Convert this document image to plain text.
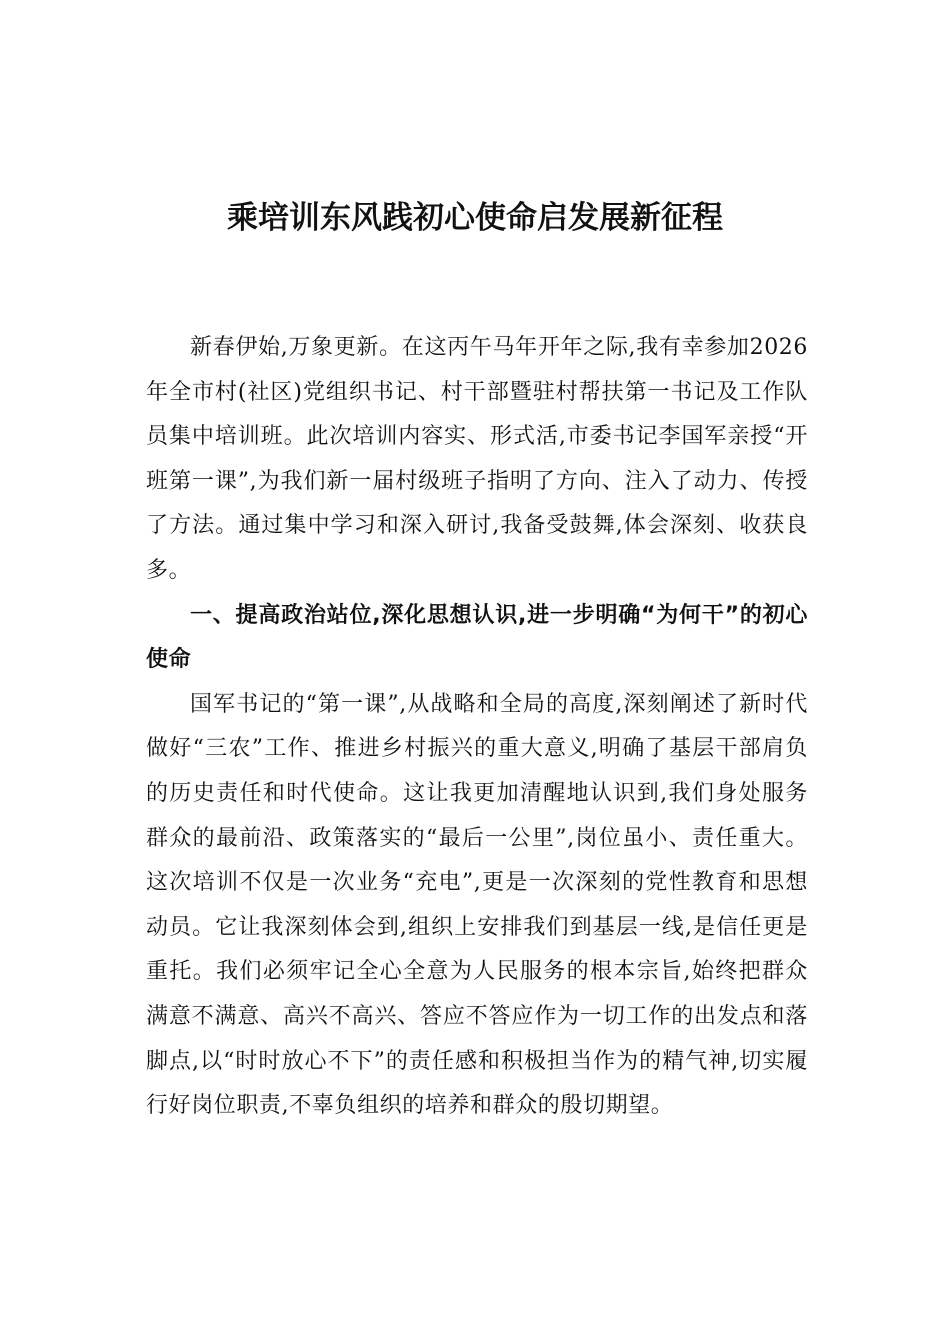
乘培训东风践初心使命启发展新征程

新春伊始,万象更新。在这丙午马年开年之际,我有幸参加2026年全市村(社区)党组织书记、村干部暨驻村帮扶第一书记及工作队员集中培训班。此次培训内容实、形式活,市委书记李国军亲授“开班第一课”,为我们新一届村级班子指明了方向、注入了动力、传授了方法。通过集中学习和深入研讨,我备受鼓舞,体会深刻、收获良多。

一、提高政治站位,深化思想认识,进一步明确“为何干”的初心使命

国军书记的“第一课”,从战略和全局的高度,深刻阐述了新时代做好“三农”工作、推进乡村振兴的重大意义,明确了基层干部肩负的历史责任和时代使命。这让我更加清醒地认识到,我们身处服务群众的最前沿、政策落实的“最后一公里”,岗位虽小、责任重大。这次培训不仅是一次业务“充电”,更是一次深刻的党性教育和思想动员。它让我深刻体会到,组织上安排我们到基层一线,是信任更是重托。我们必须牢记全心全意为人民服务的根本宗旨,始终把群众满意不满意、高兴不高兴、答应不答应作为一切工作的出发点和落脚点,以“时时放心不下”的责任感和积极担当作为的精气神,切实履行好岗位职责,不辜负组织的培养和群众的殷切期望。
